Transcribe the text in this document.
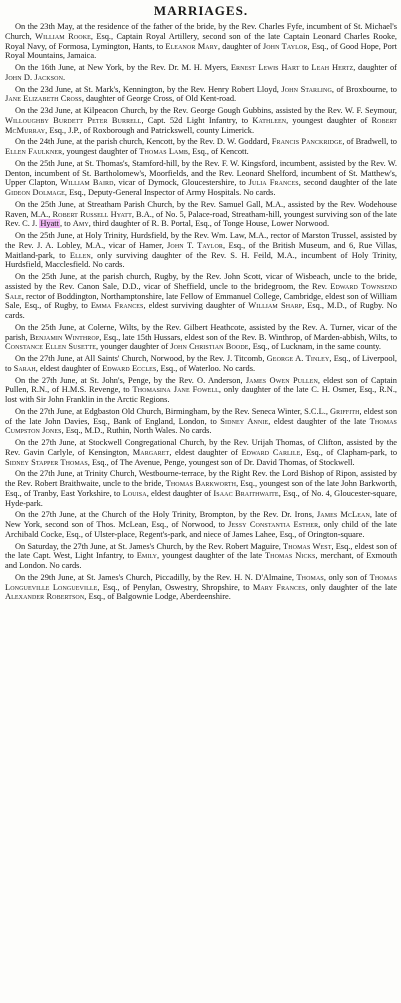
MARRIAGES.

On the 23th May, at the residence of the father of the bride, by the Rev. Charles Fyfe, incumbent of St. Michael's Church, William Rooke, Esq., Captain Royal Artillery, second son of the late Captain Leonard Charles Rooke, Royal Navy, of Formosa, Lymington, Hants, to Eleanor Mary, daughter of John Taylor, Esq., of Good Hope, Port Royal Mountains, Jamaica.

On the 16th June, at New York, by the Rev. Dr. M. H. Myers, Ernest Lewis Hart to Leah Hertz, daughter of John D. Jackson.

On the 23d June, at St. Mark's, Kennington, by the Rev. Henry Robert Lloyd, John Starling, of Broxbourne, to Jane Elizabeth Cross, daughter of George Cross, of Old Kent-road.

On the 23d June, at Kilpeacon Church, by the Rev. George Gough Gubbins, assisted by the Rev. W. F. Seymour, Willoughby Burdett Peter Burrell, Capt. 52d Light Infantry, to Kathleen, youngest daughter of Robert McMurray, Esq., J.P., of Roxborough and Patrickswell, county Limerick.

On the 24th June, at the parish church, Kencott, by the Rev. D. W. Goddard, Francis Panckridge, of Bradwell, to Ellen Faulkner, youngest daughter of Thomas Lamb, Esq., of Kencott.

On the 25th June, at St. Thomas's, Stamford-hill, by the Rev. F. W. Kingsford, incumbent, assisted by the Rev. W. Denton, incumbent of St. Bartholomew's, Moorfields, and the Rev. Leonard Shelford, incumbent of St. Matthew's, Upper Clapton, William Baird, vicar of Dymock, Gloucestershire, to Julia Frances, second daughter of the late Gideon Dolmage, Esq., Deputy-General Inspector of Army Hospitals. No cards.

On the 25th June, at Streatham Parish Church, by the Rev. Samuel Gall, M.A., assisted by the Rev. Wodehouse Raven, M.A., Robert Russell Hyatt, B.A., of No. 5, Palace-road, Streatham-hill, youngest surviving son of the late Rev. C. J. Hyatt, to Amy, third daughter of R. B. Portal, Esq., of Tonge House, Lower Norwood.

On the 25th June, at Holy Trinity, Hurdsfield, by the Rev. Wm. Law, M.A., rector of Marston Trussel, assisted by the Rev. J. A. Lobley, M.A., vicar of Hamer, John T. Taylor, Esq., of the British Museum, and 6, Rue Villas, Maitland-park, to Ellen, only surviving daughter of the Rev. S. H. Feild, M.A., incumbent of Holy Trinity, Hurdsfield, Macclesfield. No cards.

On the 25th June, at the parish church, Rugby, by the Rev. John Scott, vicar of Wisbeach, uncle to the bride, assisted by the Rev. Canon Sale, D.D., vicar of Sheffield, uncle to the bridegroom, the Rev. Edward Townsend Sale, rector of Boddington, Northamptonshire, late Fellow of Emmanuel College, Cambridge, eldest son of William Sale, Esq., of Rugby, to Emma Frances, eldest surviving daughter of William Sharp, Esq., M.D., of Rugby. No cards.

On the 25th June, at Colerne, Wilts, by the Rev. Gilbert Heathcote, assisted by the Rev. A. Turner, vicar of the parish, Benjamin Winthrop, Esq., late 15th Hussars, eldest son of the Rev. B. Winthrop, of Marden-abbish, Wilts, to Constance Ellen Susette, younger daughter of John Christian Boode, Esq., of Lucknam, in the same county.

On the 27th June, at All Saints' Church, Norwood, by the Rev. J. Titcomb, George A. Tinley, Esq., of Liverpool, to Sarah, eldest daughter of Edward Eccles, Esq., of Waterloo. No cards.

On the 27th June, at St. John's, Penge, by the Rev. O. Anderson, James Owen Pullen, eldest son of Captain Pullen, R.N., of H.M.S. Revenge, to Thomasina Jane Fowell, only daughter of the late C. H. Osmer, Esq., R.N., lost with Sir John Franklin in the Arctic Regions.

On the 27th June, at Edgbaston Old Church, Birmingham, by the Rev. Seneca Winter, S.C.L., Griffith, eldest son of the late John Davies, Esq., Bank of England, London, to Sidney Annie, eldest daughter of the late Thomas Cumpston Jones, Esq., M.D., Ruthin, North Wales. No cards.

On the 27th June, at Stockwell Congregational Church, by the Rev. Urijah Thomas, of Clifton, assisted by the Rev. Gavin Carlyle, of Kensington, Margaret, eldest daughter of Edward Carlile, Esq., of Clapham-park, to Sidney Stapper Thomas, Esq., of The Avenue, Penge, youngest son of Dr. David Thomas, of Stockwell.

On the 27th June, at Trinity Church, Westbourne-terrace, by the Right Rev. the Lord Bishop of Ripon, assisted by the Rev. Robert Braithwaite, uncle to the bride, Thomas Barkworth, Esq., youngest son of the late John Barkworth, Esq., of Tranby, East Yorkshire, to Louisa, eldest daughter of Isaac Braithwaite, Esq., of No. 4, Gloucester-square, Hyde-park.

On the 27th June, at the Church of the Holy Trinity, Brompton, by the Rev. Dr. Irons, James McLean, late of New York, second son of Thos. McLean, Esq., of Norwood, to Jessy Constantia Esther, only child of the late Archibald Cocke, Esq., of Ulster-place, Regent's-park, and niece of James Lahee, Esq., of Orington-square.

On Saturday, the 27th June, at St. James's Church, by the Rev. Robert Maguire, Thomas West, Esq., eldest son of the late Capt. West, Light Infantry, to Emily, youngest daughter of the late Thomas Nicks, merchant, of Exmouth and London. No cards.

On the 29th June, at St. James's Church, Piccadilly, by the Rev. H. N. D'Almaine, Thomas, only son of Thomas Longueville Longueville, Esq., of Penylan, Oswestry, Shropshire, to Mary Frances, only daughter of the late Alexander Robertson, Esq., of Balgownie Lodge, Aberdeenshire.
